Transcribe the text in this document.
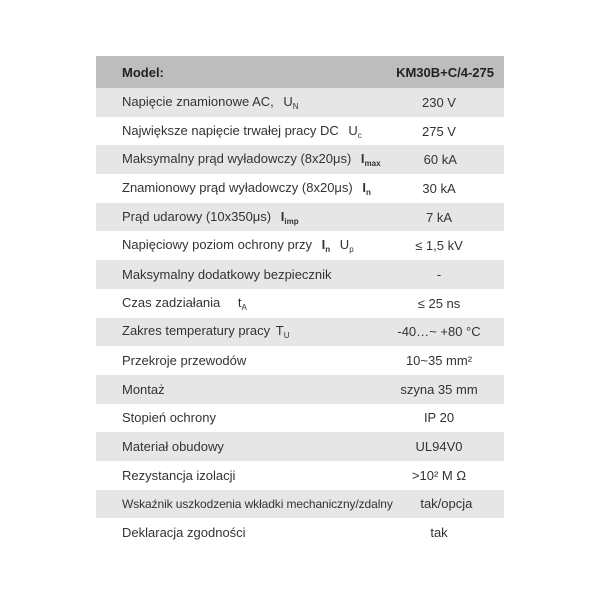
Model:	KM30B+C/4-275
Napięcie znamionowe AC, $U_N$	230 V
Największe napięcie trwałej pracy DC $U_c$	275 V
Maksymalny prąd wyładowczy (8x20μs) $I_{max}$	60 kA
Znamionowy prąd wyładowczy (8x20μs) $I_n$	30 kA
Prąd udarowy (10x350μs) $I_{imp}$	7 kA
Napięciowy poziom ochrony przy $I_n$ $U_p$	≤ 1,5 kV
Maksymalny dodatkowy bezpiecznik	-
Czas zadziałania $t_A$	≤ 25 ns
Zakres temperatury pracy $T_U$	-40…~ +80 °C
Przekroje przewodów	10~35 mm²
Montaż	szyna 35 mm
Stopień ochrony	IP 20
Materiał obudowy	UL94V0
Rezystancja izolacji	>10² M Ω
Wskaźnik uszkodzenia wkładki mechaniczny/zdalny	tak/opcja
Deklaracja zgodności	tak
